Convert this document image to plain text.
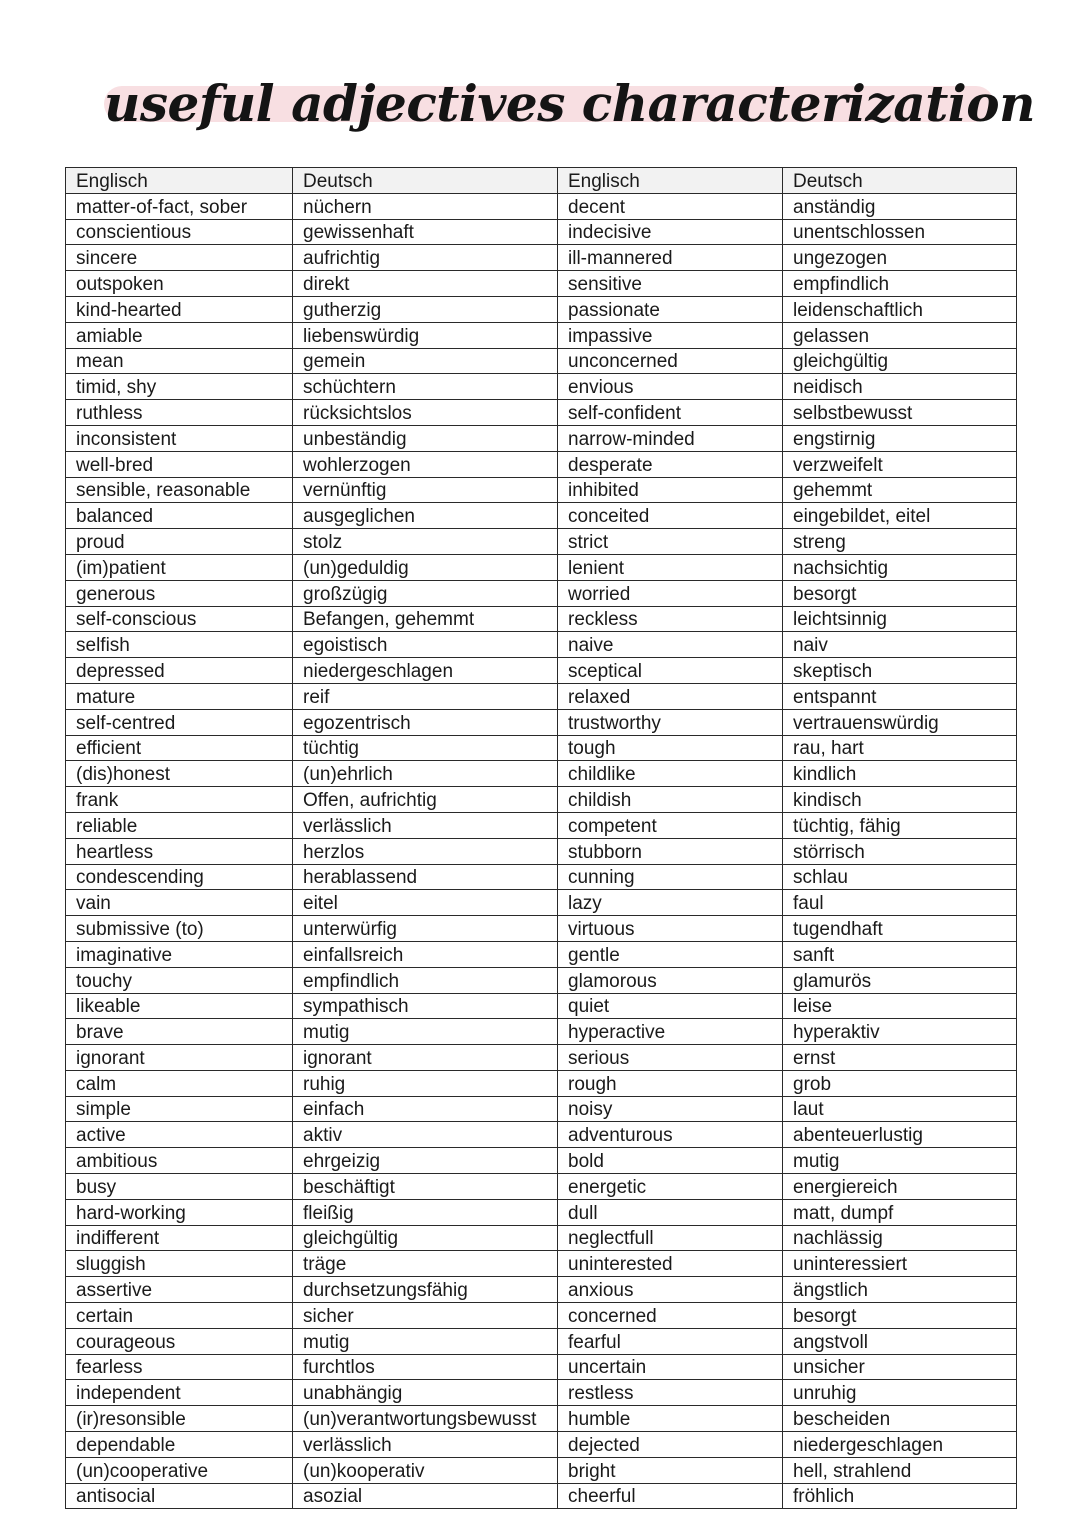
useful adjectives characterization
Englisch	Deutsch	Englisch	Deutsch
matter-of-fact, sober	nüchern	decent	anständig
conscientious	gewissenhaft	indecisive	unentschlossen
sincere	aufrichtig	ill-mannered	ungezogen
outspoken	direkt	sensitive	empfindlich
kind-hearted	gutherzig	passionate	leidenschaftlich
amiable	liebenswürdig	impassive	gelassen
mean	gemein	unconcerned	gleichgültig
timid, shy	schüchtern	envious	neidisch
ruthless	rücksichtslos	self-confident	selbstbewusst
inconsistent	unbeständig	narrow-minded	engstirnig
well-bred	wohlerzogen	desperate	verzweifelt
sensible, reasonable	vernünftig	inhibited	gehemmt
balanced	ausgeglichen	conceited	eingebildet, eitel
proud	stolz	strict	streng
(im)patient	(un)geduldig	lenient	nachsichtig
generous	großzügig	worried	besorgt
self-conscious	Befangen, gehemmt	reckless	leichtsinnig
selfish	egoistisch	naive	naiv
depressed	niedergeschlagen	sceptical	skeptisch
mature	reif	relaxed	entspannt
self-centred	egozentrisch	trustworthy	vertrauenswürdig
efficient	tüchtig	tough	rau, hart
(dis)honest	(un)ehrlich	childlike	kindlich
frank	Offen, aufrichtig	childish	kindisch
reliable	verlässlich	competent	tüchtig, fähig
heartless	herzlos	stubborn	störrisch
condescending	herablassend	cunning	schlau
vain	eitel	lazy	faul
submissive (to)	unterwürfig	virtuous	tugendhaft
imaginative	einfallsreich	gentle	sanft
touchy	empfindlich	glamorous	glamurös
likeable	sympathisch	quiet	leise
brave	mutig	hyperactive	hyperaktiv
ignorant	ignorant	serious	ernst
calm	ruhig	rough	grob
simple	einfach	noisy	laut
active	aktiv	adventurous	abenteuerlustig
ambitious	ehrgeizig	bold	mutig
busy	beschäftigt	energetic	energiereich
hard-working	fleißig	dull	matt, dumpf
indifferent	gleichgültig	neglectfull	nachlässig
sluggish	träge	uninterested	uninteressiert
assertive	durchsetzungsfähig	anxious	ängstlich
certain	sicher	concerned	besorgt
courageous	mutig	fearful	angstvoll
fearless	furchtlos	uncertain	unsicher
independent	unabhängig	restless	unruhig
(ir)resonsible	(un)verantwortungsbewusst	humble	bescheiden
dependable	verlässlich	dejected	niedergeschlagen
(un)cooperative	(un)kooperativ	bright	hell, strahlend
antisocial	asozial	cheerful	fröhlich
